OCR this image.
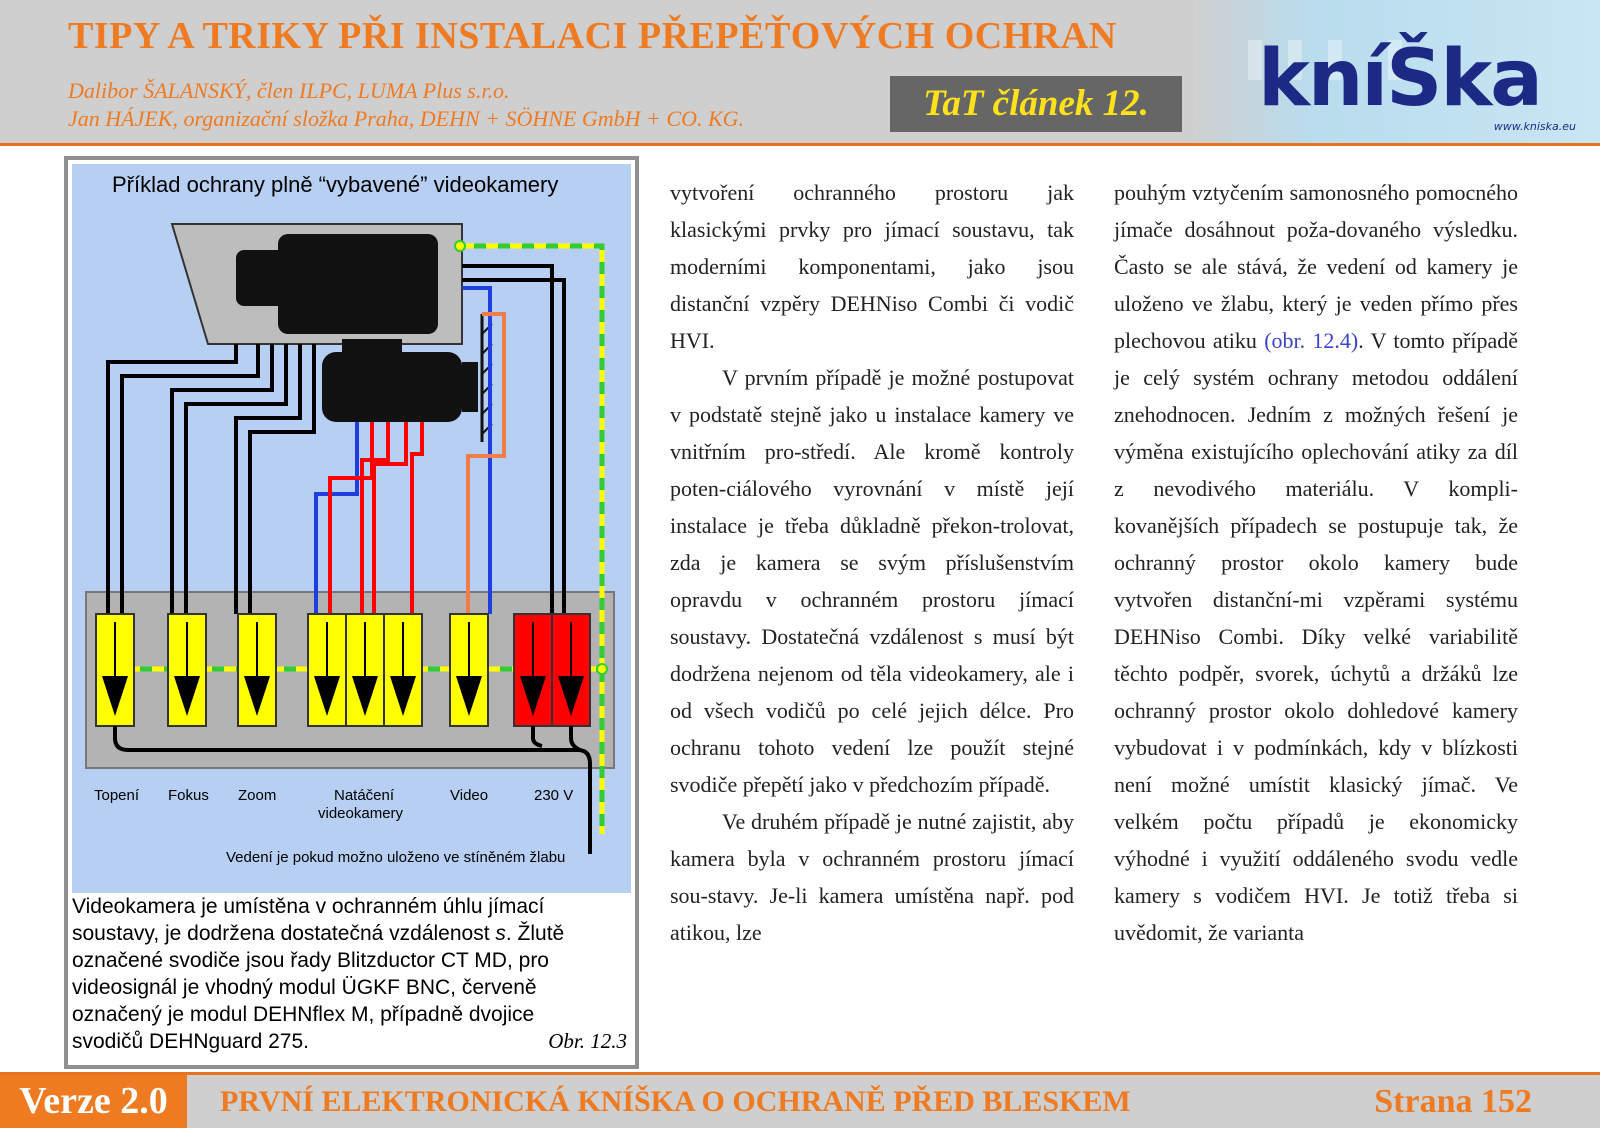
TIPY A TRIKY PŘI INSTALACI PŘEPĚŤOVÝCH OCHRAN
Dalibor ŠALANSKÝ, člen ILPC, LUMA Plus s.r.o.
Jan HÁJEK, organizační složka Praha, DEHN + SÖHNE GmbH + CO. KG.	TaT článek 12.	kníŠka
www.kniska.eu
Příklad ochrany plně “vybavené” videokamery
Topení Fokus Zoom	Natáčení
videokamery
Video	230 V
Vedení je pokud možno uloženo ve stíněném žlabu
Videokamera je umístěna v ochranném úhlu jímací
soustavy, je dodržena dostatečná vzdálenost s. Žlutě
označené svodiče jsou řady Blitzductor CT MD, pro
videosignál je vhodný modul ÜGKF BNC, červeně
označený je modul DEHNflex M, případně dvojice
svodičů DEHNguard 275.	Obr. 12.3

vytvoření ochranného prostoru jak klasickými prvky pro jímací soustavu, tak moderními komponentami, jako jsou distanční vzpěry DEHNiso Combi či vodič HVI.

V prvním případě je možné postupovat v podstatě stejně jako u instalace kamery ve vnitřním pro-středí. Ale kromě kontroly poten-ciálového vyrovnání v místě její instalace je třeba důkladně překon-trolovat, zda je kamera se svým příslušenstvím opravdu v ochranném prostoru jímací soustavy. Dostatečná vzdálenost s musí být dodržena nejenom od těla videokamery, ale i od všech vodičů po celé jejich délce. Pro ochranu tohoto vedení lze použít stejné svodiče přepětí jako v předchozím případě.

Ve druhém případě je nutné zajistit, aby kamera byla v ochranném prostoru jímací sou-stavy. Je-li kamera umístěna např. pod atikou, lze

pouhým vztyčením samonosného pomocného jímače dosáhnout poža-dovaného výsledku. Často se ale stává, že vedení od kamery je uloženo ve žlabu, který je veden přímo přes plechovou atiku (obr. 12.4). V tomto případě je celý systém ochrany metodou oddálení znehodnocen. Jedním z možných řešení je výměna existujícího oplechování atiky za díl z nevodivého materiálu. V kompli-kovanějších případech se postupuje tak, že ochranný prostor okolo kamery bude vytvořen distanční-mi vzpěrami systému DEHNiso Combi. Díky velké variabilitě těchto podpěr, svorek, úchytů a držáků lze ochranný prostor okolo dohledové kamery vybudovat i v podmínkách, kdy v blízkosti není možné umístit klasický jímač. Ve velkém počtu případů je ekonomicky výhodné i využití oddáleného svodu vedle kamery s vodičem HVI. Je totiž třeba si uvědomit, že varianta

Verze 2.0	PRVNÍ ELEKTRONICKÁ KNÍŠKA O OCHRANĚ PŘED BLESKEM	Strana 152
